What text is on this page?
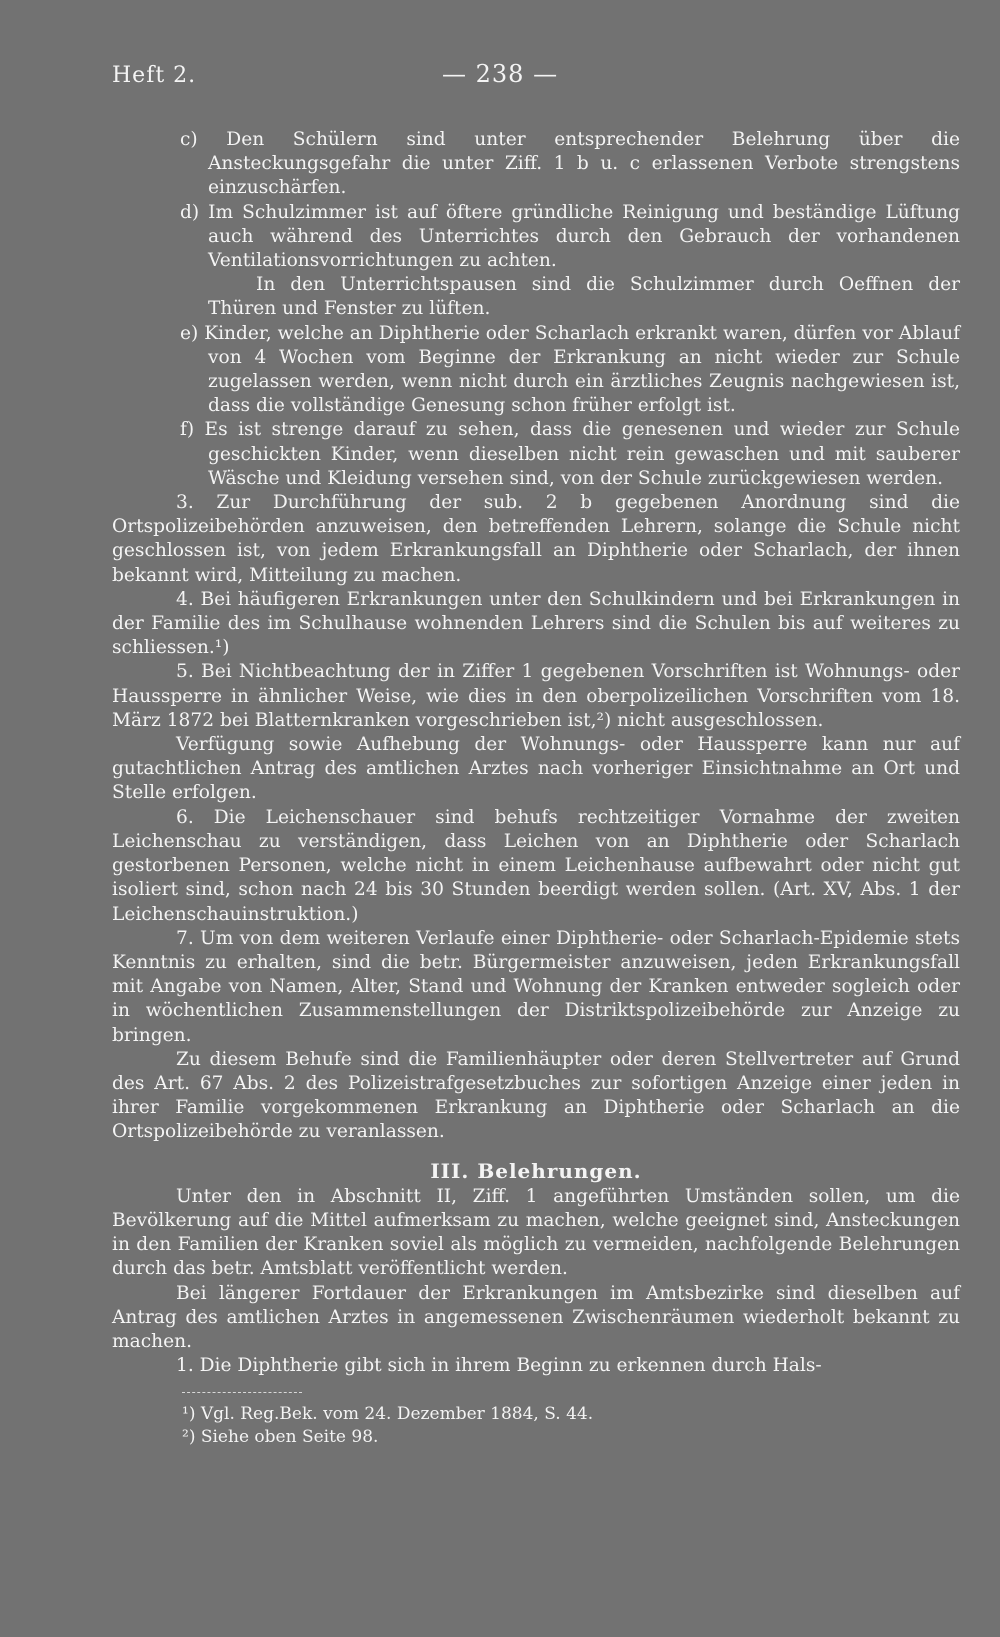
Heft 2.	— 238 —

c) Den Schülern sind unter entsprechender Belehrung über die Ansteckungsgefahr die unter Ziff. 1 b u. c erlassenen Verbote strengstens einzuschärfen.

d) Im Schulzimmer ist auf öftere gründliche Reinigung und beständige Lüftung auch während des Unterrichtes durch den Gebrauch der vorhandenen Ventilationsvorrichtungen zu achten.

In den Unterrichtspausen sind die Schulzimmer durch Oeffnen der Thüren und Fenster zu lüften.

e) Kinder, welche an Diphtherie oder Scharlach erkrankt waren, dürfen vor Ablauf von 4 Wochen vom Beginne der Erkrankung an nicht wieder zur Schule zugelassen werden, wenn nicht durch ein ärztliches Zeugnis nachgewiesen ist, dass die vollständige Genesung schon früher erfolgt ist.

f) Es ist strenge darauf zu sehen, dass die genesenen und wieder zur Schule geschickten Kinder, wenn dieselben nicht rein gewaschen und mit sauberer Wäsche und Kleidung versehen sind, von der Schule zurückgewiesen werden.

3. Zur Durchführung der sub. 2 b gegebenen Anordnung sind die Ortspolizeibehörden anzuweisen, den betreffenden Lehrern, solange die Schule nicht geschlossen ist, von jedem Erkrankungsfall an Diphtherie oder Scharlach, der ihnen bekannt wird, Mitteilung zu machen.

4. Bei häufigeren Erkrankungen unter den Schulkindern und bei Erkrankungen in der Familie des im Schulhause wohnenden Lehrers sind die Schulen bis auf weiteres zu schliessen.¹)

5. Bei Nichtbeachtung der in Ziffer 1 gegebenen Vorschriften ist Wohnungs- oder Haussperre in ähnlicher Weise, wie dies in den oberpolizeilichen Vorschriften vom 18. März 1872 bei Blatternkranken vorgeschrieben ist,²) nicht ausgeschlossen.

Verfügung sowie Aufhebung der Wohnungs- oder Haussperre kann nur auf gutachtlichen Antrag des amtlichen Arztes nach vorheriger Einsichtnahme an Ort und Stelle erfolgen.

6. Die Leichenschauer sind behufs rechtzeitiger Vornahme der zweiten Leichenschau zu verständigen, dass Leichen von an Diphtherie oder Scharlach gestorbenen Personen, welche nicht in einem Leichenhause aufbewahrt oder nicht gut isoliert sind, schon nach 24 bis 30 Stunden beerdigt werden sollen. (Art. XV, Abs. 1 der Leichenschauinstruktion.)

7. Um von dem weiteren Verlaufe einer Diphtherie- oder Scharlach-Epidemie stets Kenntnis zu erhalten, sind die betr. Bürgermeister anzuweisen, jeden Erkrankungsfall mit Angabe von Namen, Alter, Stand und Wohnung der Kranken entweder sogleich oder in wöchentlichen Zusammenstellungen der Distriktspolizeibehörde zur Anzeige zu bringen.

Zu diesem Behufe sind die Familienhäupter oder deren Stellvertreter auf Grund des Art. 67 Abs. 2 des Polizeistrafgesetzbuches zur sofortigen Anzeige einer jeden in ihrer Familie vorgekommenen Erkrankung an Diphtherie oder Scharlach an die Ortspolizeibehörde zu veranlassen.

III. Belehrungen.

Unter den in Abschnitt II, Ziff. 1 angeführten Umständen sollen, um die Bevölkerung auf die Mittel aufmerksam zu machen, welche geeignet sind, Ansteckungen in den Familien der Kranken soviel als möglich zu vermeiden, nachfolgende Belehrungen durch das betr. Amtsblatt veröffentlicht werden.

Bei längerer Fortdauer der Erkrankungen im Amtsbezirke sind dieselben auf Antrag des amtlichen Arztes in angemessenen Zwischenräumen wiederholt bekannt zu machen.

1. Die Diphtherie gibt sich in ihrem Beginn zu erkennen durch Hals-

¹) Vgl. Reg.Bek. vom 24. Dezember 1884, S. 44.

²) Siehe oben Seite 98.
